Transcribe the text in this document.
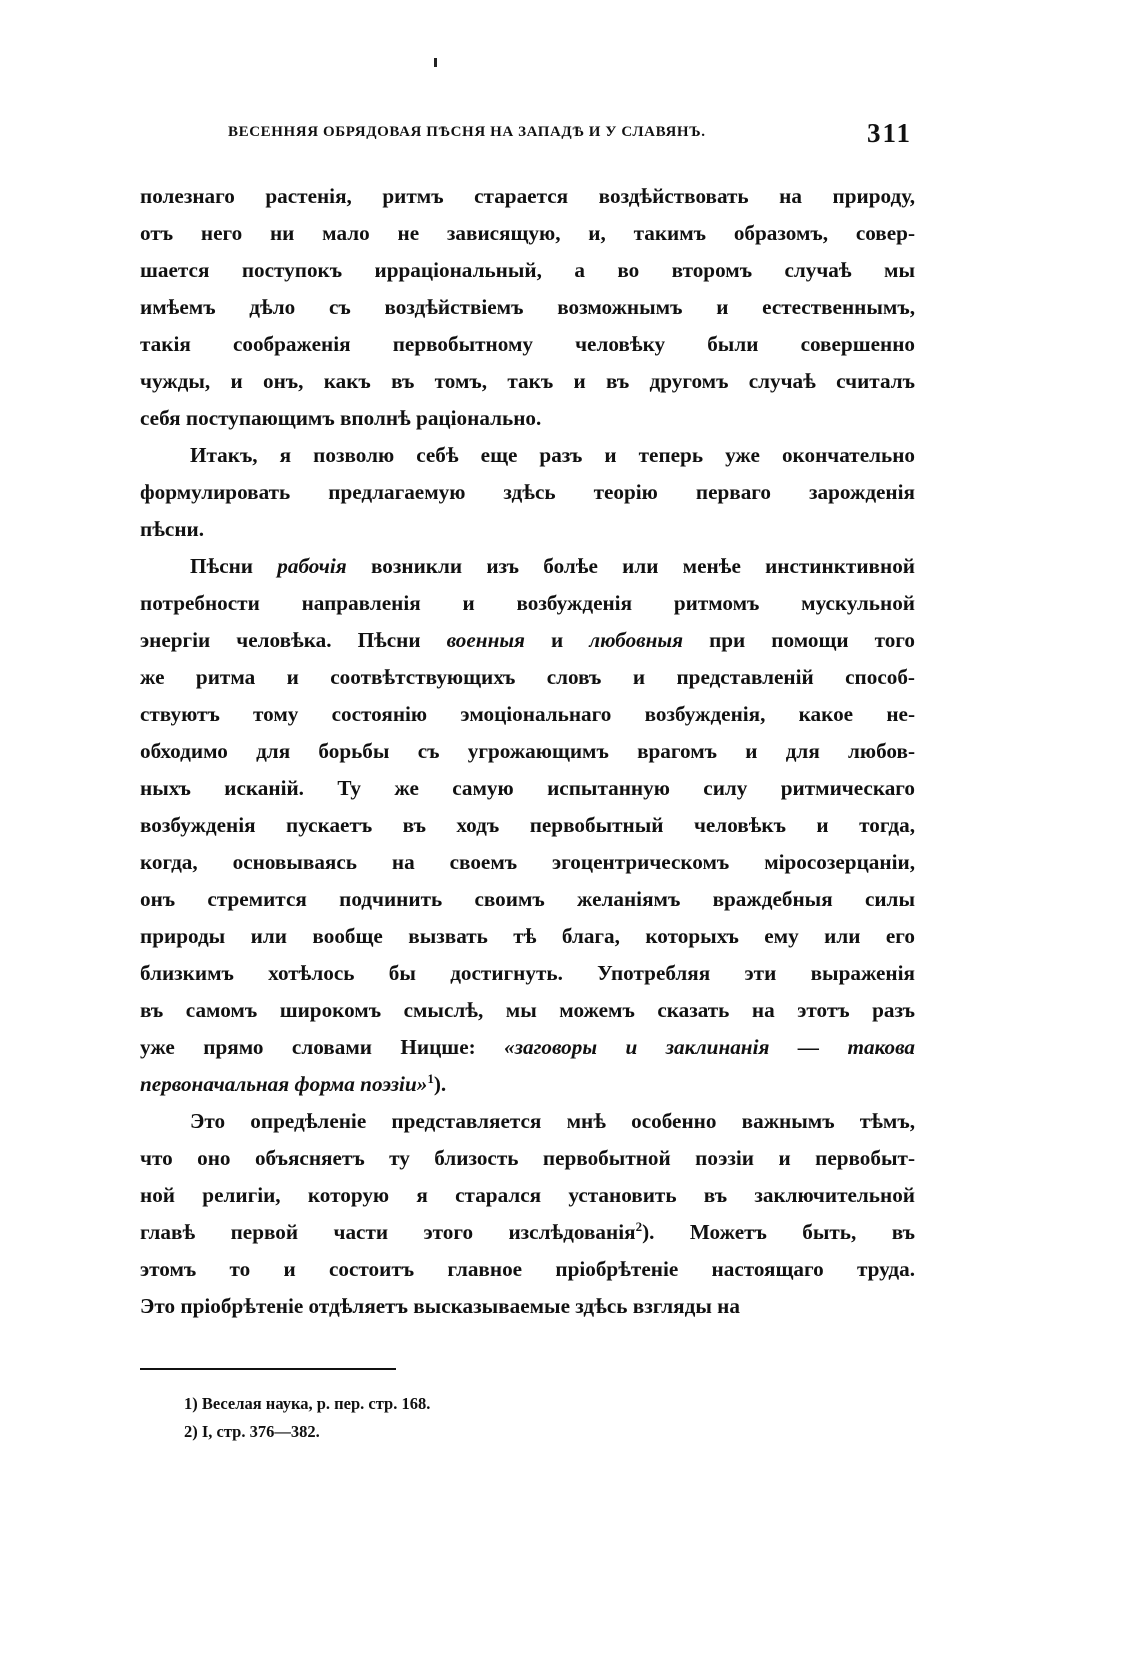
ВЕСЕННЯЯ ОБРЯДОВАЯ ПѢСНЯ НА ЗАПАДѢ И У СЛАВЯНЪ.	311
полезнаго растенія, ритмъ старается воздѣйствовать на природу,
отъ него ни мало не зависящую, и, такимъ образомъ, совер-
шается поступокъ ирраціональный, а во второмъ случаѣ мы
имѣемъ дѣло съ воздѣйствіемъ возможнымъ и естественнымъ,
такія соображенія первобытному человѣку были совершенно
чужды, и онъ, какъ въ томъ, такъ и въ другомъ случаѣ считалъ
себя поступающимъ вполнѣ раціонально.
Итакъ, я позволю себѣ еще разъ и теперь уже окончательно
формулировать предлагаемую здѣсь теорію перваго зарожденія
пѣсни.
Пѣсни рабочія возникли изъ болѣе или менѣе инстинктивной
потребности направленія и возбужденія ритмомъ мускульной
энергіи человѣка. Пѣсни военныя и любовныя при помощи того
же ритма и соотвѣтствующихъ словъ и представленій способ-
ствуютъ тому состоянію эмоціональнаго возбужденія, какое не-
обходимо для борьбы съ угрожающимъ врагомъ и для любов-
ныхъ исканій. Ту же самую испытанную силу ритмическаго
возбужденія пускаетъ въ ходъ первобытный человѣкъ и тогда,
когда, основываясь на своемъ эгоцентрическомъ міросозерцаніи,
онъ стремится подчинить своимъ желаніямъ враждебныя силы
природы или вообще вызвать тѣ блага, которыхъ ему или его
близкимъ хотѣлось бы достигнуть. Употребляя эти выраженія
въ самомъ широкомъ смыслѣ, мы можемъ сказать на этотъ разъ
уже прямо словами Ницше: «заговоры и заклинанія — такова
первоначальная форма поэзіи»$^1$).
Это опредѣленіе представляется мнѣ особенно важнымъ тѣмъ,
что оно объясняетъ ту близость первобытной поэзіи и первобыт-
ной религіи, которую я старался установить въ заключительной
главѣ первой части этого изслѣдованія$^2$). Можетъ быть, въ
этомъ то и состоитъ главное пріобрѣтеніе настоящаго труда.
Это пріобрѣтеніе отдѣляетъ высказываемые здѣсь взгляды на
1) Веселая наука, р. пер. стр. 168.
2) I, стр. 376—382.
